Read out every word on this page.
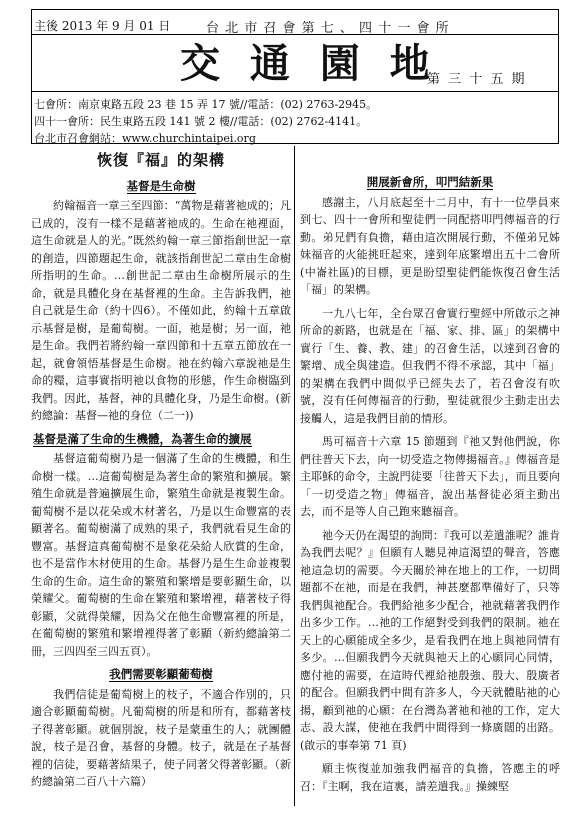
主後 2013 年 9 月 01 日	台 北 市 召 會 第 七 、 四 十 一 會 所
交 通 園 地
第 三 十 五 期
七會所：南京東路五段 23 巷 15 弄 17 號//電話：(02) 2763-2945。
四十一會所：民生東路五段 141 號 2 樓//電話：(02) 2762-4141。
台北市召會網站：www.churchintaipei.org
恢復『福』的架構
基督是生命樹

約翰福音一章三至四節：“萬物是藉著祂成的；凡已成的，沒有一樣不是藉著祂成的。生命在祂裡面，這生命就是人的光。”既然約翰一章三節指創世記一章的創造，四節題起生命，就該指創世記二章由生命樹所指明的生命。…創世記二章由生命樹所展示的生命，就是具體化身在基督裡的生命。主告訴我們，祂自己就是生命（約十四6）。不僅如此，約翰十五章啟示基督是樹，是葡萄樹。一面，祂是樹；另一面，祂是生命。我們若將約翰一章四節和十五章五節放在一起，就會領悟基督是生命樹。祂在約翰六章說祂是生命的糧，這事實指明祂以食物的形態，作生命樹臨到我們。因此，基督，神的具體化身，乃是生命樹。(新約總論：基督—祂的身位（二一))

基督是滿了生命的生機體，為著生命的擴展

基督這葡萄樹乃是一個滿了生命的生機體，和生命樹一樣。…這葡萄樹是為著生命的繁殖和擴展。繁殖生命就是普遍擴展生命，繁殖生命就是複製生命。葡萄樹不是以花朵或木材著名，乃是以生命豐富的表顯著名。葡萄樹滿了成熟的果子，我們就看見生命的豐富。基督這真葡萄樹不是象花朵給人欣賞的生命，也不是當作木材使用的生命。基督乃是生生命並複製生命的生命。這生命的繁殖和繁增是要彰顯生命，以榮耀父。葡萄樹的生命在繁殖和繁增裡，藉著枝子得彰顯，父就得榮耀，因為父在他生命豐富裡的所是，在葡萄樹的繁殖和繁增裡得著了彰顯（新約總論第二冊，三四四至三四五頁）。

我們需要彰顯葡萄樹

我們信徒是葡萄樹上的枝子，不適合作別的，只適合彰顯葡萄樹。凡葡萄樹的所是和所有，都藉著枝子得著彰顯。就個別說，枝子是蒙重生的人；就團體說，枝子是召會，基督的身體。枝子，就是在子基督裡的信徒，要藉著結果子，使子同著父得著彰顯。（新約總論第二百八十六篇）

開展新會所，叩門結新果

感謝主，八月底起至十二月中，有十一位學員來到七、四十一會所和聖徒們一同配搭叩門傳福音的行動。弟兄們有負擔，藉由這次開展行動，不僅弟兄姊妹福音的火能挑旺起來，達到年底繁增出五十二會所(中崙社區)的目標，更是盼望聖徒們能恢復召會生活「福」的架構。

一九八七年，全台眾召會實行聖經中所啟示之神所命的新路，也就是在「福、家、排、區」的架構中實行「生、養、教、建」的召會生活，以達到召會的繁增、成全與建造。但我們不得不承認，其中「福」的架構在我們中間似乎已經失去了，若召會沒有吹號，沒有任何傳福音的行動，聖徒就很少主動走出去接觸人，這是我們目前的情形。

馬可福音十六章 15 節題到『祂又對他們說，你們往普天下去，向一切受造之物傳揚福音。』傳福音是主耶穌的命令，主說門徒要「往普天下去」，而且要向「一切受造之物」傳福音，說出基督徒必須主動出去，而不是等人自己跑來聽福音。

祂今天仍在渴望的詢問：『我可以差遣誰呢？誰肯為我們去呢？』但願有人聽見神這渴望的聲音，答應祂這急切的需要。今天關於神在地上的工作，一切問題都不在祂，而是在我們，神甚麼都準備好了，只等我們與祂配合。我們給祂多少配合，祂就藉著我們作出多少工作。…祂的工作絕對受到我們的限制。祂在天上的心願能成全多少，是看我們在地上與祂同情有多少。…但願我們今天就與祂天上的心願同心同情，應付祂的需要，在這時代裡給祂殷強、殷大、殷廣者的配合。但願我們中間有許多人，今天就體貼祂的心揚，顧到祂的心願：在台灣為著祂和祂的工作，定大志、設大謀，使祂在我們中間得到一條廣闊的出路。(啟示的事奉第 71 頁)

願主恢復並加強我們福音的負擔，答應主的呼召：『主啊，我在這裏，請差遣我。』操練堅
